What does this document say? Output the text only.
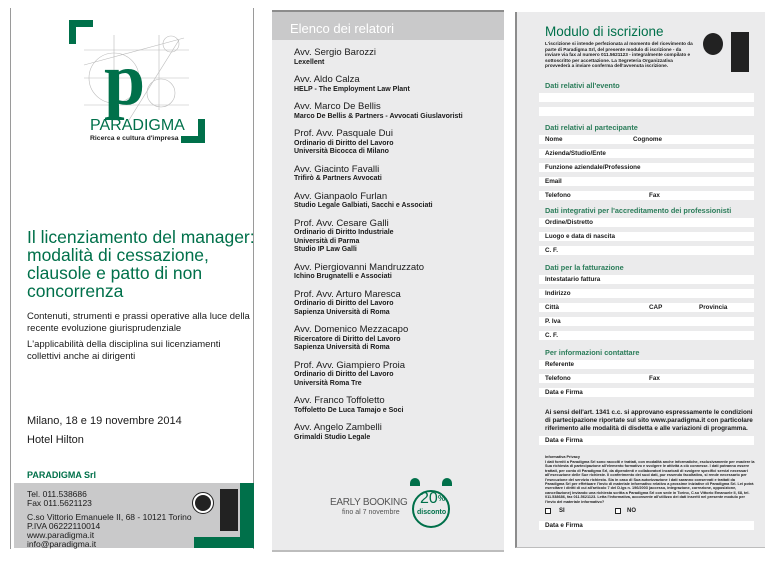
p
PARADIGMA
Ricerca e cultura d'impresa
Il licenziamento del manager: modalità di cessazione, clausole e patto di non concorrenza
Contenuti, strumenti e prassi operative alla luce della recente evoluzione giurisprudenziale
L'applicabilità della disciplina sui licenziamenti collettivi anche ai dirigenti
Milano, 18 e 19 novembre 2014
Hotel Hilton
PARADIGMA Srl
Tel. 011.538686
Fax 011.5621123
C.so Vittorio Emanuele II, 68 - 10121 Torino
P.IVA 06222110014
www.paradigma.it
info@paradigma.it
Elenco dei relatori
Avv. Sergio Barozzi
Lexellent
Avv. Aldo Calza
HELP - The Employment Law Plant
Avv. Marco De Bellis
Marco De Bellis & Partners - Avvocati Giuslavoristi
Prof. Avv. Pasquale Dui
Ordinario di Diritto del Lavoro
Università Bicocca di Milano
Avv. Giacinto Favalli
Trifirò & Partners Avvocati
Avv. Gianpaolo Furlan
Studio Legale Galbiati, Sacchi e Associati
Prof. Avv. Cesare Galli
Ordinario di Diritto Industriale
Università di Parma
Studio IP Law Galli
Avv. Piergiovanni Mandruzzato
Ichino Brugnatelli e Associati
Prof. Avv. Arturo Maresca
Ordinario di Diritto del Lavoro
Sapienza Università di Roma
Avv. Domenico Mezzacapo
Ricercatore di Diritto del Lavoro
Sapienza Università di Roma
Prof. Avv. Giampiero Proia
Ordinario di Diritto del Lavoro
Università Roma Tre
Avv. Franco Toffoletto
Toffoletto De Luca Tamajo e Soci
Avv. Angelo Zambelli
Grimaldi Studio Legale
EARLY BOOKING
fino al 7 novembre
20 %
disconto
Modulo di iscrizione
L'iscrizione si intende perfezionata al momento del ricevimento da parte di Paradigma Srl, del presente modulo di iscrizione - da inviare via fax al numero 011.5621123 - integralmente compilato e sottoscritto per accettazione. La Segreteria Organizzativa provvederà a inviare conferma dell'avvenuta iscrizione.
Ai sensi dell'art. 1341 c.c. si approvano espressamente le condizioni di partecipazione riportate sul sito www.paradigma.it con particolare riferimento alle modalità di disdetta e alle variazioni di programma.
Data e Firma
Informativa Privacy
I dati forniti a Paradigma Srl sono raccolti e trattati, con modalità anche informatiche, esclusivamente per evadere la Sua richiesta di partecipazione all'elemento formativo e svolgere le attività a ciò connesse. I dati potranno essere trattati, per conto di Paradigma Srl, da dipendenti e collaboratori incaricati di svolgere specifici servizi necessari all'esecuzione delle Sue richieste. Il conferimento dei suoi dati, pur essendo facoltativo, si rende necessario per l'esecuzione del servizio richiesto. Sia in caso di Sua autorizzazione i dati saranno conservati e trattati da Paradigma Srl per effettuare l'invio di materiale informativo relativo a prossime iniziative di Paradigma Srl. Lei potrà esercitare i diritti di cui all'articolo 7 del D.lgs n. 196/2003 (accesso, integrazione, correzione, opposizione, cancellazione) inviando una richiesta scritta a Paradigma Srl con sede in Torino, C.so Vittorio Emanuele II, 68, tel. 011.538686, fax 011.5621123. Letta l'informativa, acconsente all'utilizzo dei dati inseriti nel presente modulo per l'invio del materiale informativo?
SI	NO
Data e Firma
Dati relativi all'evento
Dati relativi al partecipante
Nome	Cognome
Azienda/Studio/Ente
Funzione aziendale/Professione
Email
Telefono	Fax
Dati integrativi per l'accreditamento dei professionisti
Ordine/Distretto
Luogo e data di nascita
C. F.
Dati per la fatturazione
Intestatario fattura
Indirizzo
Città	CAP	Provincia
P. Iva
C. F.
Per informazioni contattare
Referente
Telefono	Fax
Data e Firma
